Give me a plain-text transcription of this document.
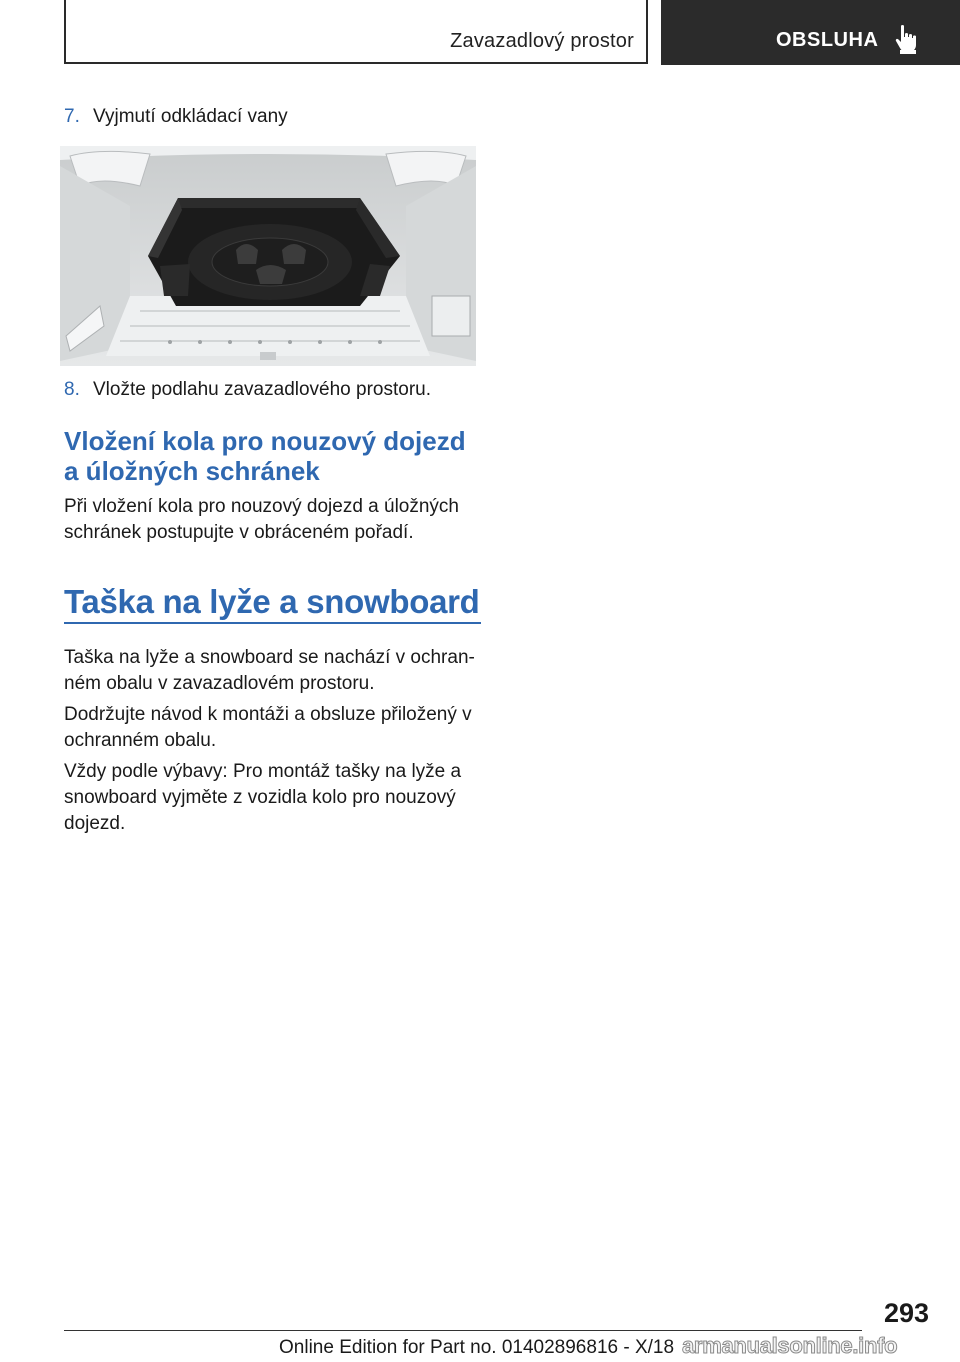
Zavazadlový prostor	OBSLUHA
7. Vyjmutí odkládací vany
8. Vložte podlahu zavazadlového prostoru.
Vložení kola pro nouzový dojezd a úložných schránek
Při vložení kola pro nouzový dojezd a úložných schránek postupujte v obráceném pořadí.
Taška na lyže a snowboard
Taška na lyže a snowboard se nachází v ochranném obalu v zavazadlovém prostoru.
Dodržujte návod k montáži a obsluze přiložený v ochranném obalu.
Vždy podle výbavy: Pro montáž tašky na lyže a snowboard vyjměte z vozidla kolo pro nouzový dojezd.
293
Online Edition for Part no. 01402896816 - X/18 armanualsonline.info
